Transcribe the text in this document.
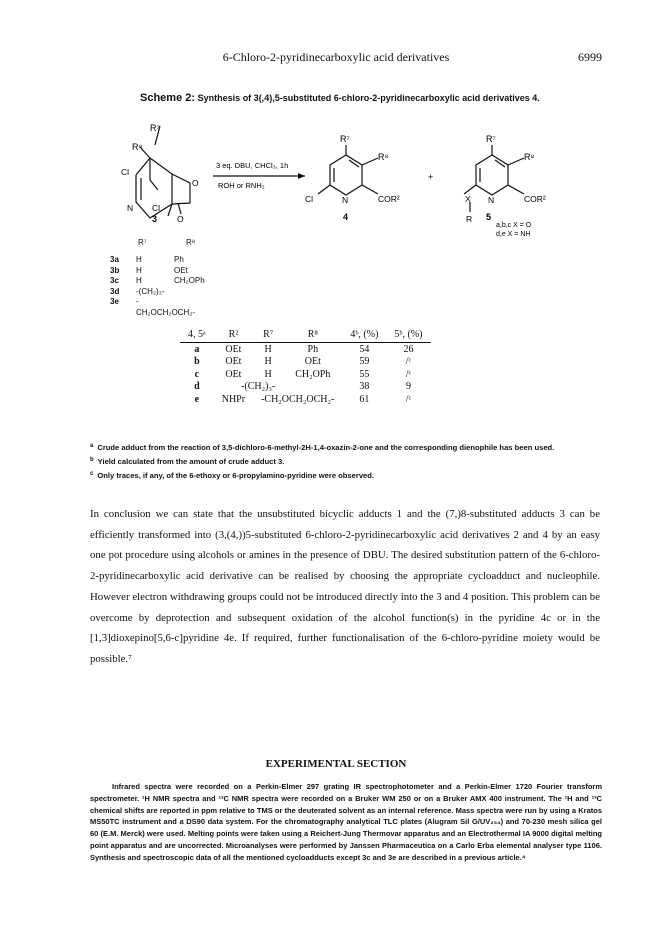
6-Chloro-2-pyridinecarboxylic acid derivatives	6999
Scheme 2: Synthesis of 3(,4),5-substituted 6-chloro-2-pyridinecarboxylic acid derivatives 4.
R⁷
R⁸
Cl
N
O
Cl
O
3
3 eq. DBU, CHCl₃, 1h
ROH or RNH₂
R⁷
R⁸
Cl	N	COR²
4
+
R⁷
R⁸
X N	COR²
R 5
a,b,c X = O
d,e X = NH
R⁷	R⁸
3a	H	Ph
3b	H	OEt
3c	H	CH₂OPh
3d	-(CH₂)₃-
3e	-CH₂OCH₂OCH₂-
4, 5ᵃ	R²	R⁷	R⁸	4ᵇ, (%)	5ᵇ, (%)
a	OEt	H	Ph	54	26
b	OEt	H	OEt	59	/ᶜ
c	OEt	H	CH₂OPh	55	/ᶜ
d	-(CH₂)₃-			38	9
e	NHPr	-CH₂OCH₂OCH₂-		61	/ᶜ
$^a$ Crude adduct from the reaction of 3,5-dichloro-6-methyl-2H-1,4-oxazin-2-one and the corresponding dienophile has been used.
$^b$ Yield calculated from the amount of crude adduct 3.
$^c$ Only traces, if any, of the 6-ethoxy or 6-propylamino-pyridine were observed.
In conclusion we can state that the unsubstituted bicyclic adducts 1 and the (7,)8-substituted adducts 3 can be efficiently transformed into (3,(4,))5-substituted 6-chloro-2-pyridinecarboxylic acid derivatives 2 and 4 by an easy one pot procedure using alcohols or amines in the presence of DBU. The desired substitution pattern of the 6-chloro-2-pyridinecarboxylic acid derivative can be realised by choosing the appropriate cycloadduct and nucleophile. However electron withdrawing groups could not be introduced directly into the 3 and 4 position. This problem can be overcome by deprotection and subsequent oxidation of the alcohol function(s) in the pyridine 4c or in the [1,3]dioxepino[5,6-c]pyridine 4e. If required, further functionalisation of the 6-chloro-pyridine moiety would be possible.⁷
EXPERIMENTAL SECTION
Infrared spectra were recorded on a Perkin-Elmer 297 grating IR spectrophotometer and a Perkin-Elmer 1720 Fourier transform spectrometer. ¹H NMR spectra and ¹³C NMR spectra were recorded on a Bruker WM 250 or on a Bruker AMX 400 instrument. The ¹H and ¹³C chemical shifts are reported in ppm relative to TMS or the deuterated solvent as an internal reference. Mass spectra were run by using a Kratos MS50TC instrument and a DS90 data system. For the chromatography analytical TLC plates (Alugram Sil G/UV₂₅₄) and 70-230 mesh silica gel 60 (E.M. Merck) were used. Melting points were taken using a Reichert-Jung Thermovar apparatus and an Electrothermal IA 9000 digital melting point apparatus and are uncorrected. Microanalyses were performed by Janssen Pharmaceutica on a Carlo Erba elemental analyser type 1106. Synthesis and spectroscopic data of all the mentioned cycloadducts except 3c and 3e are described in a previous article.⁴
